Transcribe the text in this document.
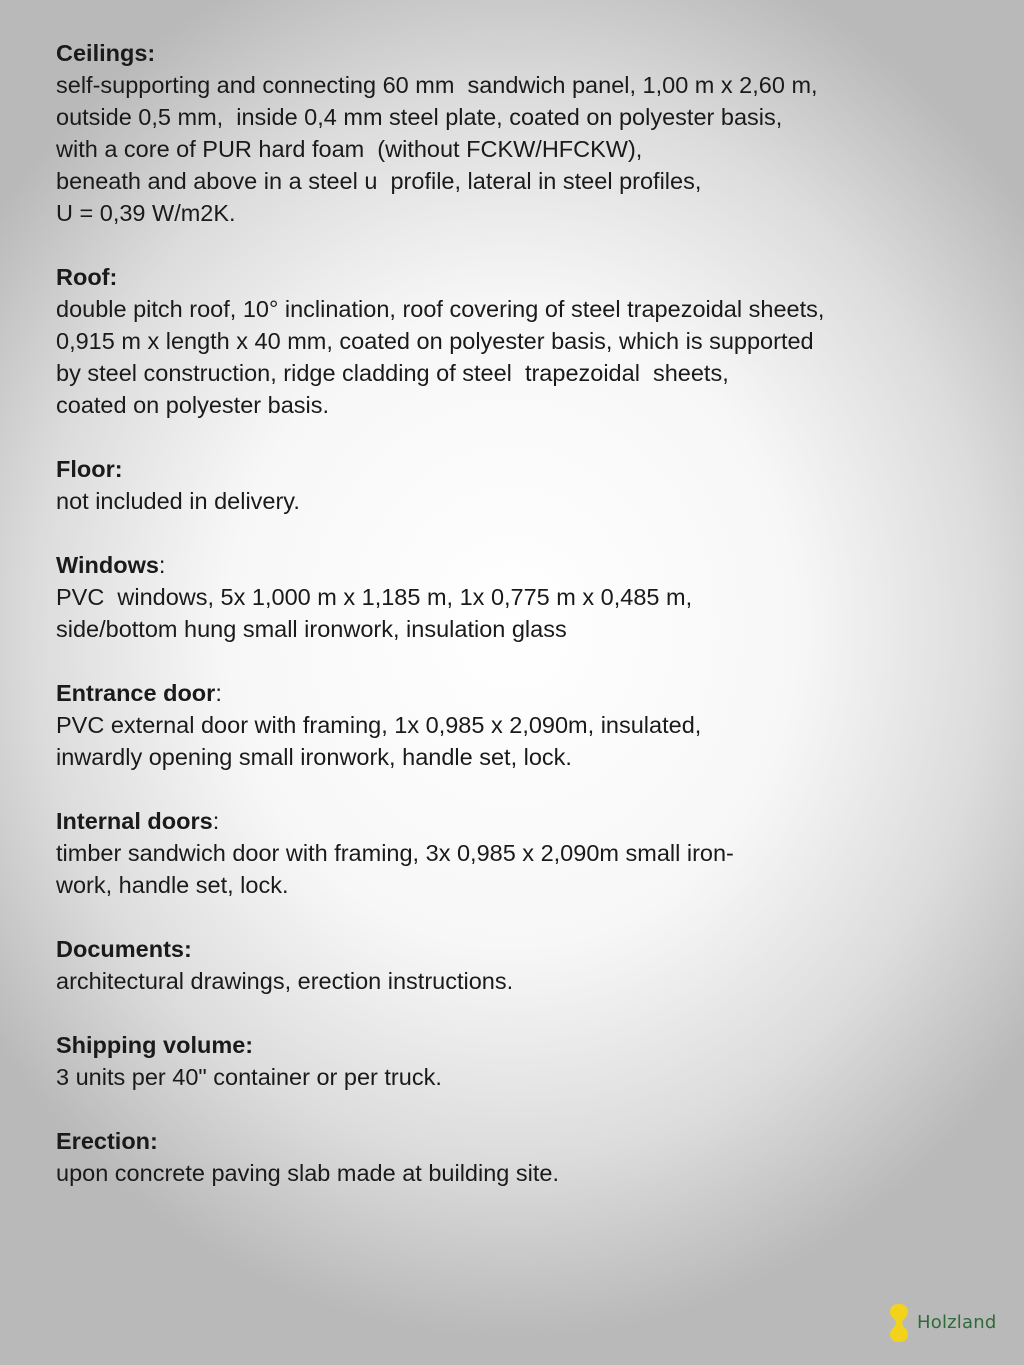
Ceilings:
self-supporting and connecting 60 mm  sandwich panel, 1,00 m x 2,60 m,
outside 0,5 mm,  inside 0,4 mm steel plate, coated on polyester basis,
with a core of PUR hard foam  (without FCKW/HFCKW),
beneath and above in a steel u  profile, lateral in steel profiles,
U = 0,39 W/m2K.
Roof:
double pitch roof, 10° inclination, roof covering of steel trapezoidal sheets,
0,915 m x length x 40 mm, coated on polyester basis, which is supported
by steel construction, ridge cladding of steel  trapezoidal  sheets,
coated on polyester basis.
Floor:
not included in delivery.
Windows:
PVC  windows, 5x 1,000 m x 1,185 m, 1x 0,775 m x 0,485 m,
side/bottom hung small ironwork, insulation glass
Entrance door:
PVC external door with framing, 1x 0,985 x 2,090m, insulated,
inwardly opening small ironwork, handle set, lock.
Internal doors:
timber sandwich door with framing, 3x 0,985 x 2,090m small iron-
work, handle set, lock.
Documents:
architectural drawings, erection instructions.
Shipping volume:
3 units per 40" container or per truck.
Erection:
upon concrete paving slab made at building site.
Holzland
